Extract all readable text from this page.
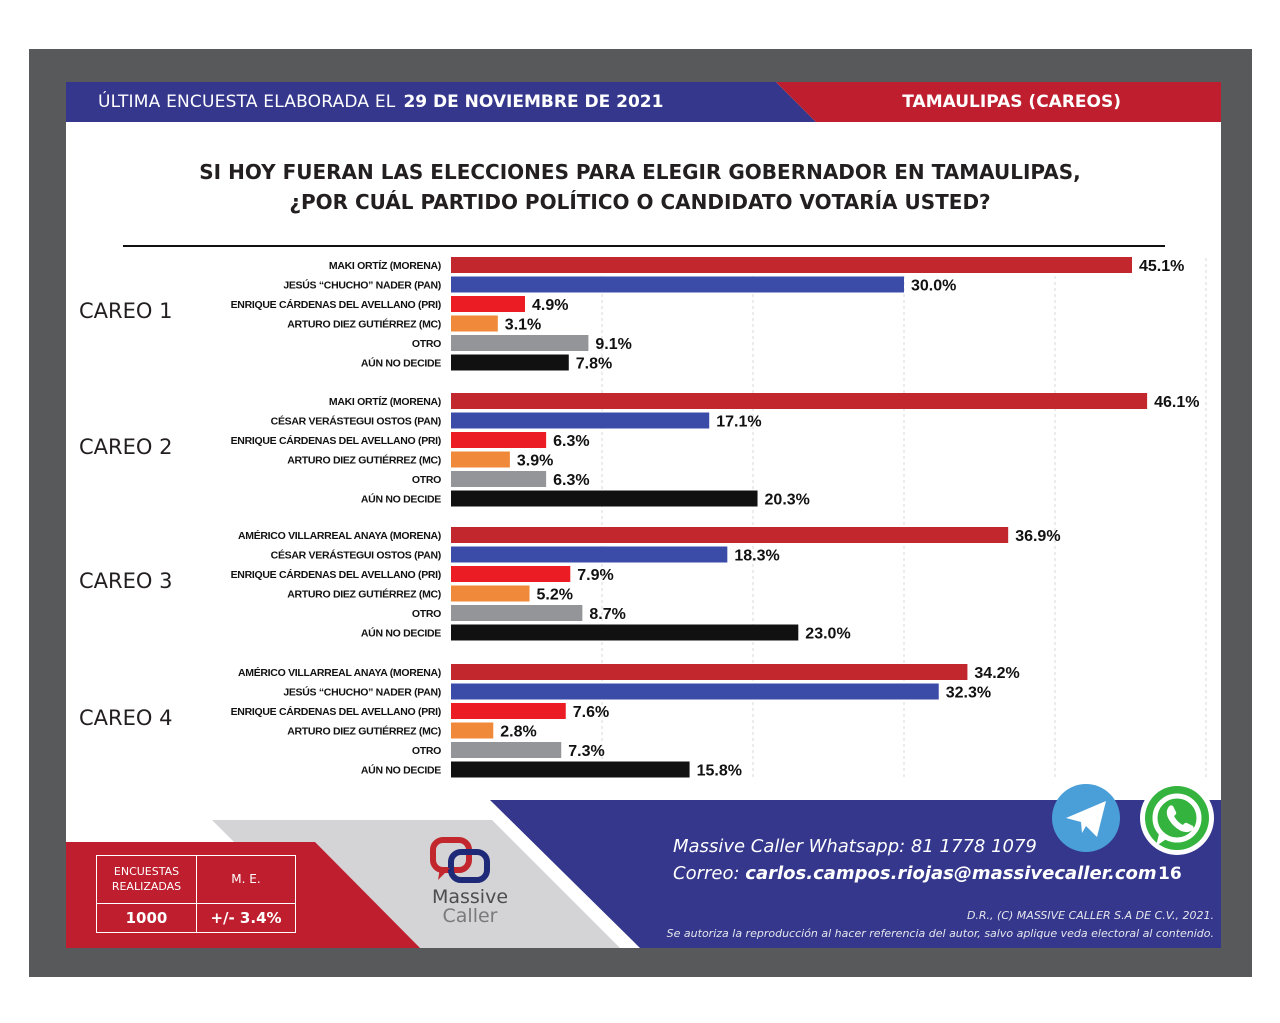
ÚLTIMA ENCUESTA ELABORADA EL 29 DE NOVIEMBRE DE 2021	TAMAULIPAS (CAREOS)
SI HOY FUERAN LAS ELECCIONES PARA ELEGIR GOBERNADOR EN TAMAULIPAS,
¿POR CUÁL PARTIDO POLÍTICO O CANDIDATO VOTARÍA USTED?
CAREO 1
MAKI ORTÍZ (MORENA)	45.1%
JESÚS “CHUCHO” NADER (PAN)	30.0%
ENRIQUE CÁRDENAS DEL AVELLANO (PRI)	4.9%
ARTURO DIEZ GUTIÉRREZ (MC)	3.1%
OTRO	9.1%
AÚN NO DECIDE	7.8%
CAREO 2
MAKI ORTÍZ (MORENA)	46.1%
CÉSAR VERÁSTEGUI OSTOS (PAN)	17.1%
ENRIQUE CÁRDENAS DEL AVELLANO (PRI)	6.3%
ARTURO DIEZ GUTIÉRREZ (MC)	3.9%
OTRO	6.3%
AÚN NO DECIDE	20.3%
CAREO 3
AMÉRICO VILLARREAL ANAYA (MORENA)	36.9%
CÉSAR VERÁSTEGUI OSTOS (PAN)	18.3%
ENRIQUE CÁRDENAS DEL AVELLANO (PRI)	7.9%
ARTURO DIEZ GUTIÉRREZ (MC)	5.2%
OTRO	8.7%
AÚN NO DECIDE	23.0%
CAREO 4
AMÉRICO VILLARREAL ANAYA (MORENA)	34.2%
JESÚS “CHUCHO” NADER (PAN)	32.3%
ENRIQUE CÁRDENAS DEL AVELLANO (PRI)	7.6%
ARTURO DIEZ GUTIÉRREZ (MC)	2.8%
OTRO	7.3%
AÚN NO DECIDE	15.8%
Massive
Caller
ENCUESTAS
REALIZADAS
M. E.
1000	+/- 3.4%
Massive Caller Whatsapp: 81 1778 1079
Correo: carlos.campos.riojas@massivecaller.com 16
D.R., (C) MASSIVE CALLER S.A DE C.V., 2021.
Se autoriza la reproducción al hacer referencia del autor, salvo aplique veda electoral al contenido.
